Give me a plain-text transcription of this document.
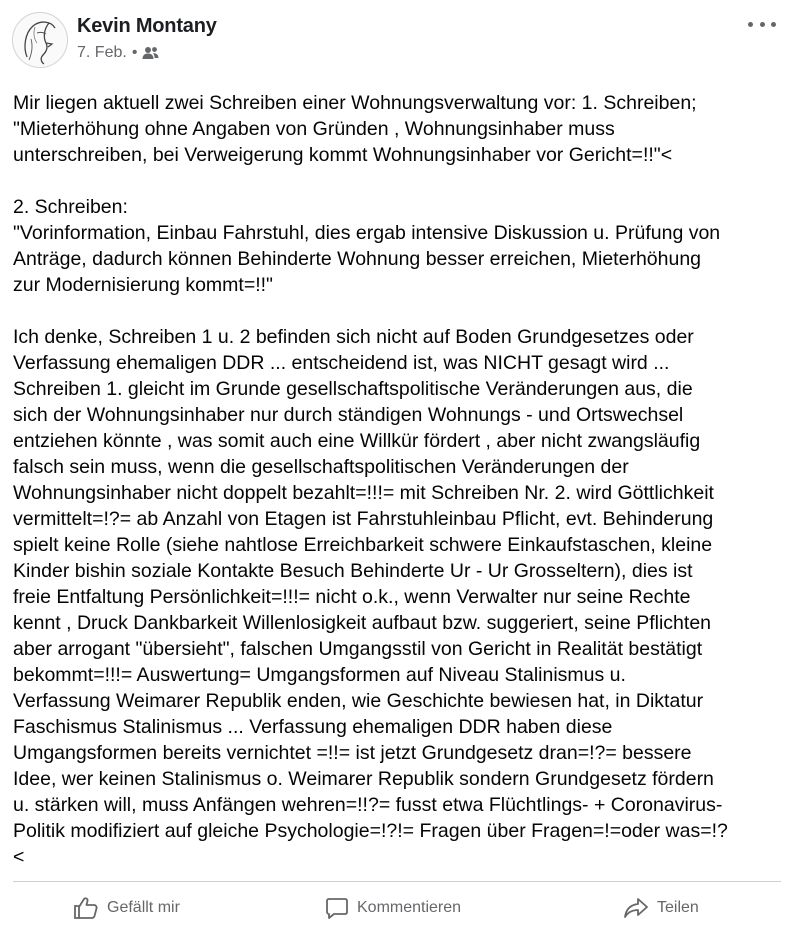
Kevin Montany
7. Feb. •

Mir liegen aktuell zwei Schreiben einer Wohnungsverwaltung vor: 1. Schreiben;

"Mieterhöhung ohne Angaben von Gründen , Wohnungsinhaber muss

unterschreiben, bei Verweigerung kommt Wohnungsinhaber vor Gericht=!!"<

2. Schreiben:

"Vorinformation, Einbau Fahrstuhl, dies ergab intensive Diskussion u. Prüfung von

Anträge, dadurch können Behinderte Wohnung besser erreichen, Mieterhöhung

zur Modernisierung kommt=!!"

Ich denke, Schreiben 1 u. 2 befinden sich nicht auf Boden Grundgesetzes oder

Verfassung ehemaligen DDR ... entscheidend ist, was NICHT gesagt wird ...

Schreiben 1. gleicht im Grunde gesellschaftspolitische Veränderungen aus, die

sich der Wohnungsinhaber nur durch ständigen Wohnungs - und Ortswechsel

entziehen könnte , was somit auch eine Willkür fördert , aber nicht zwangsläufig

falsch sein muss, wenn die gesellschaftspolitischen Veränderungen der

Wohnungsinhaber nicht doppelt bezahlt=!!!= mit Schreiben Nr. 2. wird Göttlichkeit

vermittelt=!?= ab Anzahl von Etagen ist Fahrstuhleinbau Pflicht, evt. Behinderung

spielt keine Rolle (siehe nahtlose Erreichbarkeit schwere Einkaufstaschen, kleine

Kinder bishin soziale Kontakte Besuch Behinderte Ur - Ur Grosseltern), dies ist

freie Entfaltung Persönlichkeit=!!!= nicht o.k., wenn Verwalter nur seine Rechte

kennt , Druck Dankbarkeit Willenlosigkeit aufbaut bzw. suggeriert, seine Pflichten

aber arrogant "übersieht", falschen Umgangsstil von Gericht in Realität bestätigt

bekommt=!!!= Auswertung= Umgangsformen auf Niveau Stalinismus u.

Verfassung Weimarer Republik enden, wie Geschichte bewiesen hat, in Diktatur

Faschismus Stalinismus ... Verfassung ehemaligen DDR haben diese

Umgangsformen bereits vernichtet =!!= ist jetzt Grundgesetz dran=!?= bessere

Idee, wer keinen Stalinismus o. Weimarer Republik sondern Grundgesetz fördern

u. stärken will, muss Anfängen wehren=!!?= fusst etwa Flüchtlings- + Coronavirus-

Politik modifiziert auf gleiche Psychologie=!?!= Fragen über Fragen=!=oder was=!?

<

Gefällt mir	Kommentieren	Teilen
